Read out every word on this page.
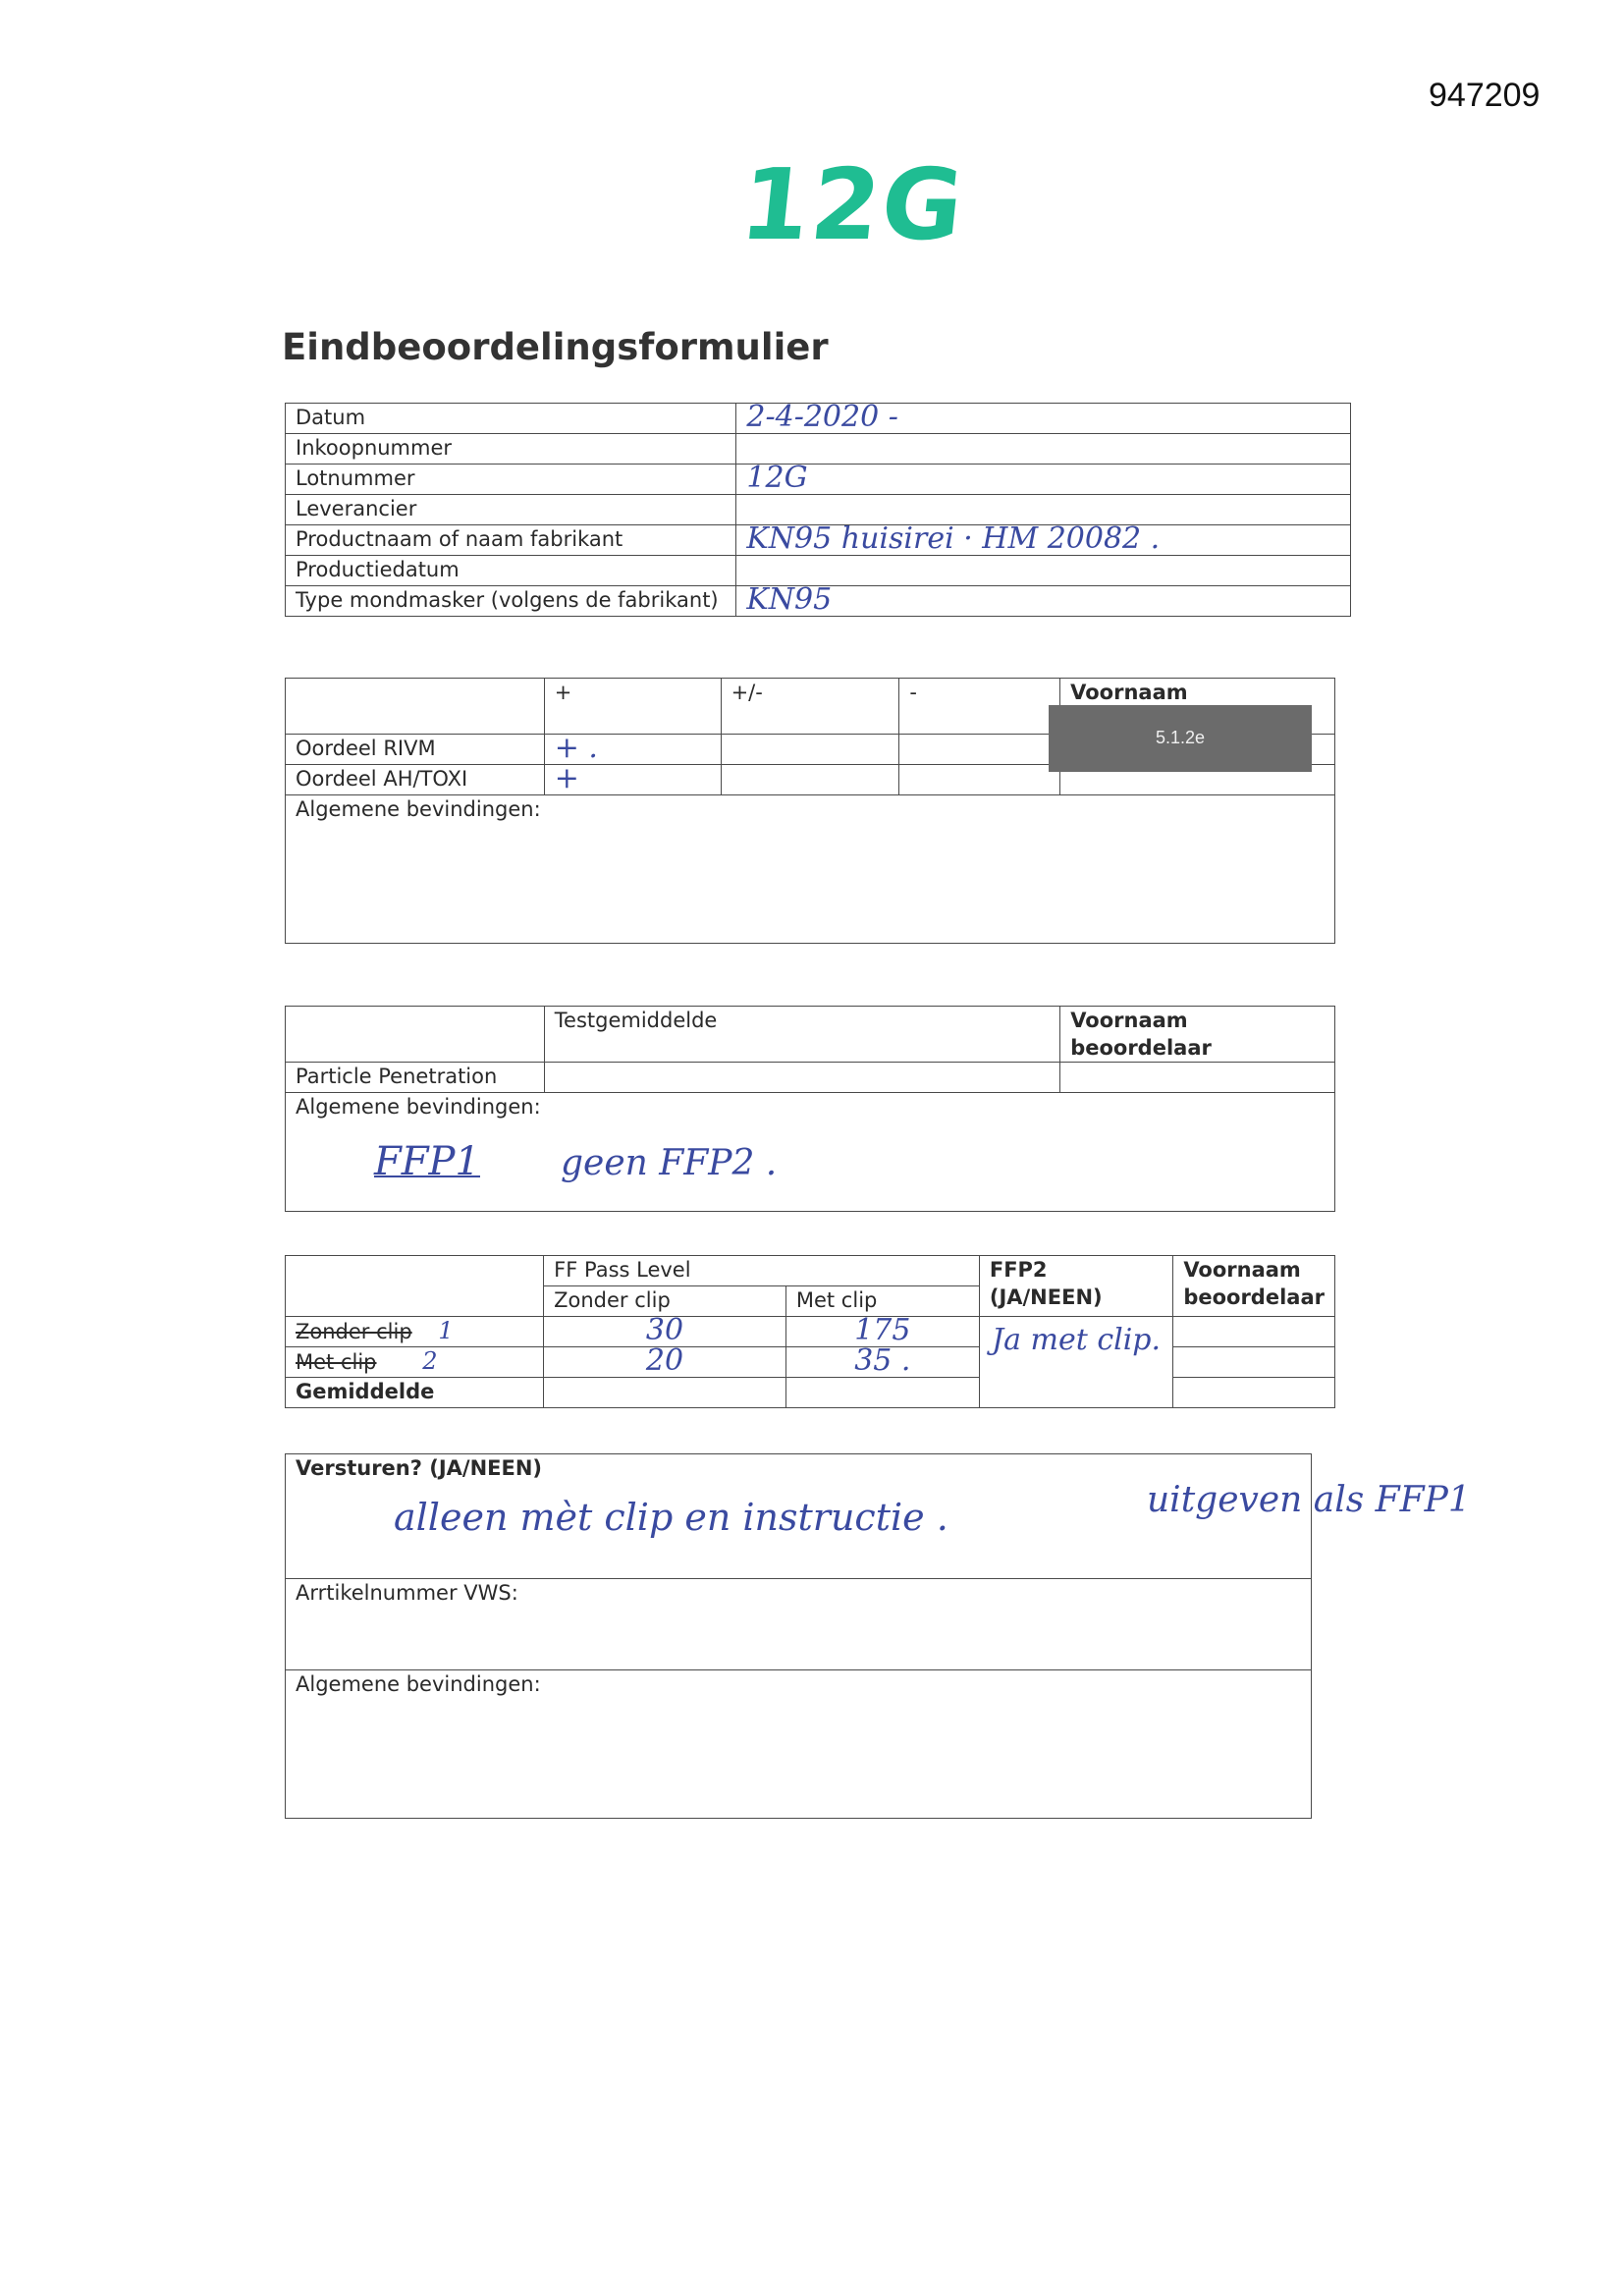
947209
12G
Eindbeoordelingsformulier
Datum	2-4-2020 -
Inkoopnummer	
Lotnummer	12G
Leverancier	
Productnaam of naam fabrikant	KN95 huisirei · HM 20082 .
Productiedatum	
Type mondmasker (volgens de fabrikant)	KN95
	+	+/-	-	Voornaam
Oordeel RIVM	+ .			
Oordeel AH/TOXI	+			
Algemene bevindingen:				
5.1.2e
	Testgemiddelde	Voornaam beoordelaar
Particle Penetration		

Algemene bevindingen:
FFP1 geen FFP2 .		
	FF Pass Level		FFP2 (JA/NEEN)	Voornaam beoordelaar
	Zonder clip	Met clip		
Zonder clip 1	30	175	Ja met clip.	
Met clip 2	20	35 .		
Gemiddelde				
Versturen? (JA/NEEN)
alleen mèt clip en instructie .

Arrtikelnummer VWS:
Algemene bevindingen:
uitgeven als FFP1
